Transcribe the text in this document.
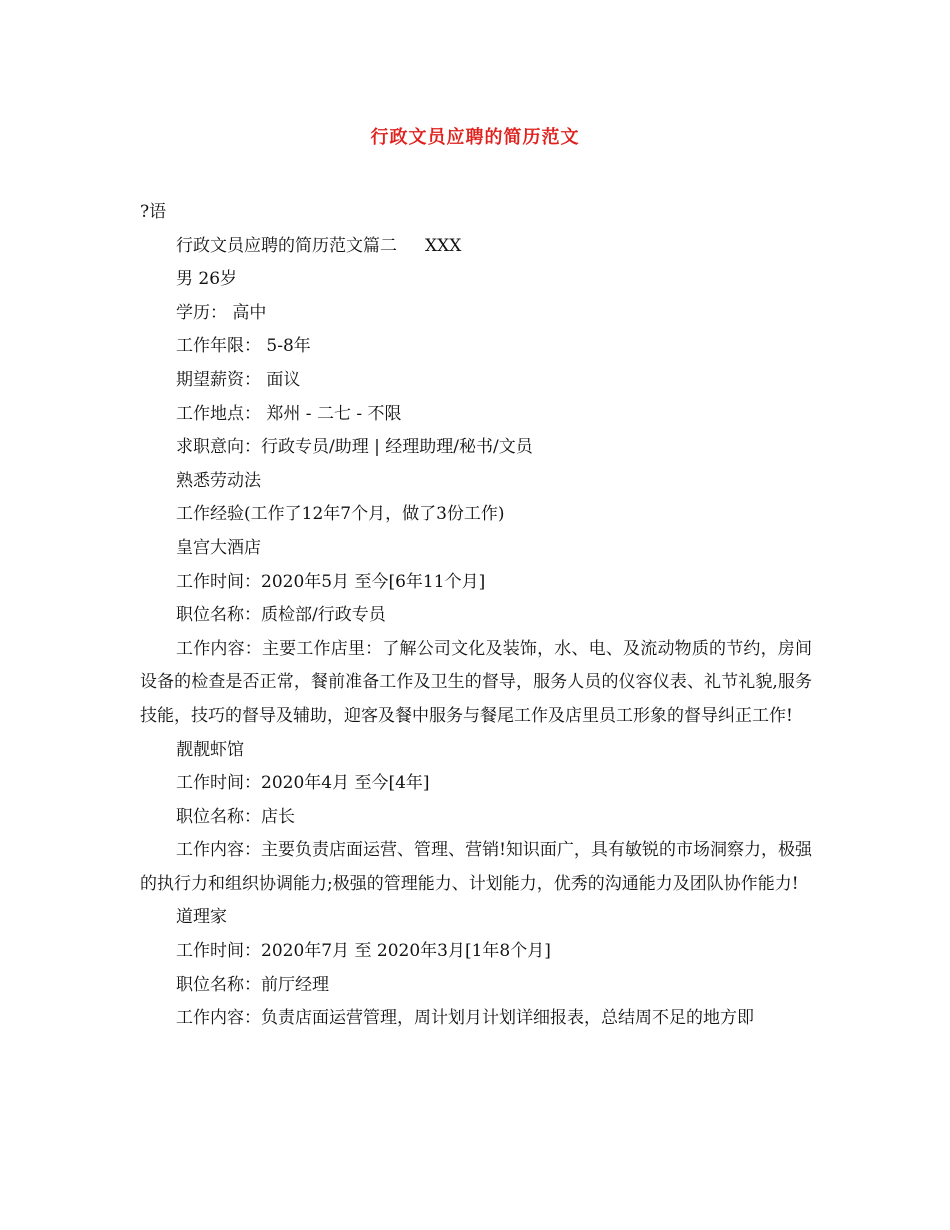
行政文员应聘的简历范文
?语
行政文员应聘的简历范文篇二 XXX
男 26岁
学历： 高中
工作年限： 5-8年
期望薪资： 面议
工作地点： 郑州 - 二七 - 不限
求职意向：行政专员/助理 | 经理助理/秘书/文员
熟悉劳动法
工作经验(工作了12年7个月，做了3份工作)
皇宫大酒店
工作时间：2020年5月 至今[6年11个月]
职位名称：质检部/行政专员
工作内容：主要工作店里：了解公司文化及装饰，水、电、及流动物质的节约，房间设备的检查是否正常，餐前准备工作及卫生的督导，服务人员的仪容仪表、礼节礼貌,服务技能，技巧的督导及辅助，迎客及餐中服务与餐尾工作及店里员工形象的督导纠正工作!
靓靓虾馆
工作时间：2020年4月 至今[4年]
职位名称：店长
工作内容：主要负责店面运营、管理、营销!知识面广，具有敏锐的市场洞察力，极强的执行力和组织协调能力;极强的管理能力、计划能力，优秀的沟通能力及团队协作能力!
道理家
工作时间：2020年7月 至 2020年3月[1年8个月]
职位名称：前厅经理
工作内容：负责店面运营管理，周计划月计划详细报表，总结周不足的地方即
